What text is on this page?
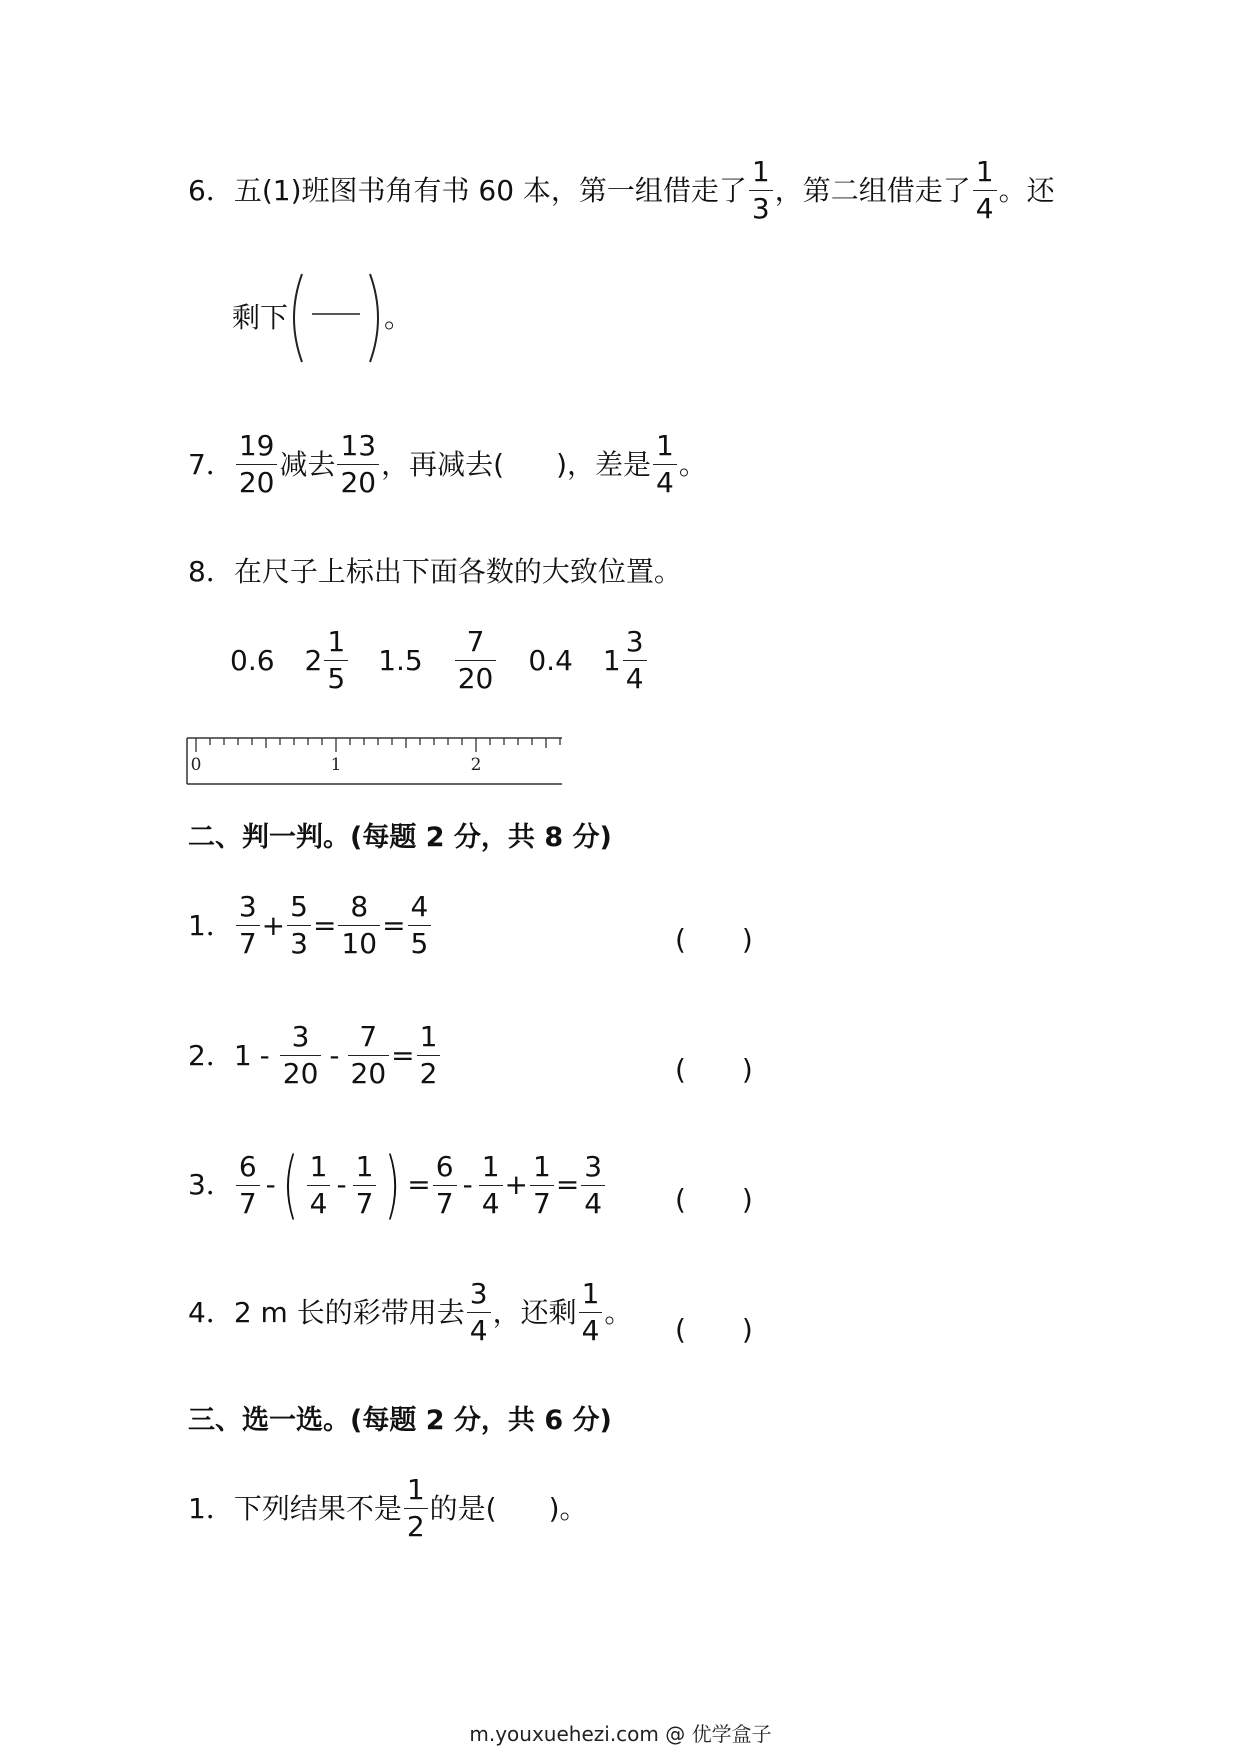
6． 五(1)班图书角有书 60 本，第一组借走了 $\frac{1}{3}$ ，第二组借走了 $\frac{1}{4}$ 。还
剩下	。
7． $\frac{19}{20}$ 减去 $\frac{13}{20}$ ，再减去( )，差是 $\frac{1}{4}$ 。
8． 在尺子上标出下面各数的大致位置。
0.6 $2 \frac{1}{5} 1.5 \frac{7}{20} 0.4$ $1 \frac{3}{4}$
0	1	2
二、判一判。(每题 2 分，共 8 分)
1． $\frac{3}{7} + \frac{5}{3} = \frac{8}{10} = \frac{4}{5}$	(　　)
2． $1 - \frac{3}{20} - \frac{7}{20} = \frac{1}{2}$	(　　)
3． $\frac{6}{7}$ - ( $\frac{1}{4} - \frac{1}{7}$ ) = $\frac{6}{7} - \frac{1}{4} + \frac{1}{7} = \frac{3}{4}$ (　　)
4． 2 m 长的彩带用去 $\frac{3}{4}$ ，还剩 $\frac{1}{4}$ 。
(　　)
三、选一选。(每题 2 分，共 6 分)
1． 下列结果不是 $\frac{1}{2}$ 的是( )。
m.youxuehezi.com @ 优学盒子
